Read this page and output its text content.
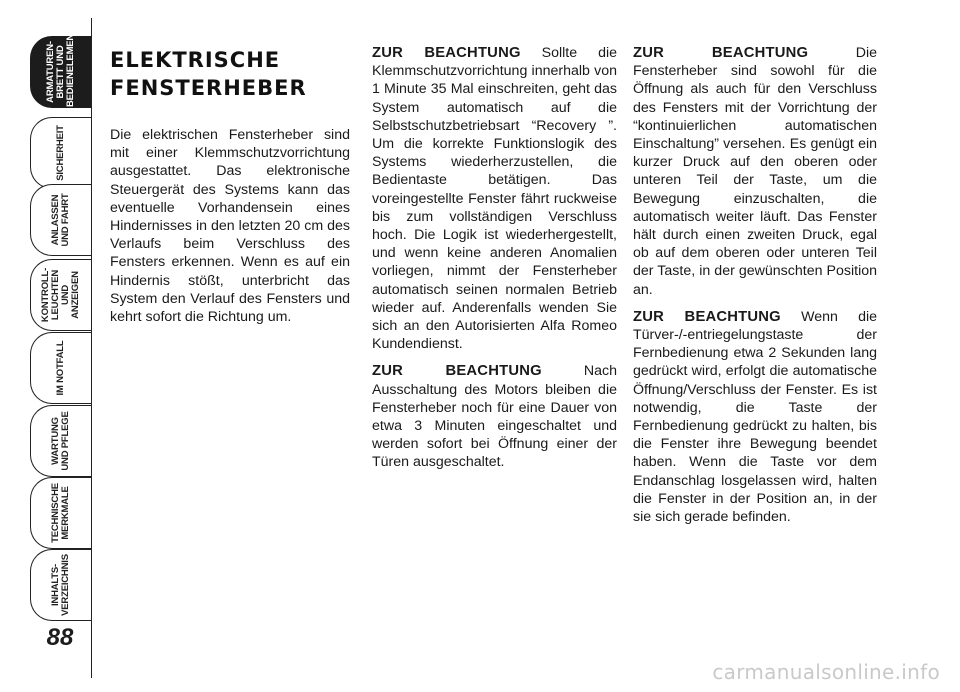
ARMATUREN-
BRETT UND
BEDIENELEMENTE
SICHERHEIT
ANLASSEN
UND FAHRT
KONTROLL-
LEUCHTEN
UND ANZEIGEN
IM NOTFALL
WARTUNG
UND PFLEGE
TECHNISCHE
MERKMALE
INHALTS-
VERZEICHNIS
88
ELEKTRISCHE
FENSTERHEBER

Die elektrischen Fensterheber sind mit einer Klemmschutzvorrichtung ausgestattet. Das elektronische Steuergerät des Systems kann das eventuelle Vorhandensein eines Hindernisses in den letzten 20 cm des Verlaufs beim Verschluss des Fensters erkennen. Wenn es auf ein Hindernis stößt, unterbricht das System den Verlauf des Fensters und kehrt sofort die Richtung um.

ZUR BEACHTUNG Sollte die Klemmschutzvorrichtung innerhalb von 1 Minute 35 Mal einschreiten, geht das System automatisch auf die Selbstschutzbetriebsart “Recovery ”. Um die korrekte Funktionslogik des Systems wiederherzustellen, die Bedientaste betätigen. Das voreingestellte Fenster fährt ruckweise bis zum vollständigen Verschluss hoch. Die Logik ist wiederhergestellt, und wenn keine anderen Anomalien vorliegen, nimmt der Fensterheber automatisch seinen normalen Betrieb wieder auf. Anderenfalls wenden Sie sich an den Autorisierten Alfa Romeo Kundendienst.

ZUR BEACHTUNG Nach Ausschaltung des Motors bleiben die Fensterheber noch für eine Dauer von etwa 3 Minuten eingeschaltet und werden sofort bei Öffnung einer der Türen ausgeschaltet.

ZUR BEACHTUNG Die Fensterheber sind sowohl für die Öffnung als auch für den Verschluss des Fensters mit der Vorrichtung der “kontinuierlichen automatischen Einschaltung” versehen. Es genügt ein kurzer Druck auf den oberen oder unteren Teil der Taste, um die Bewegung einzuschalten, die automatisch weiter läuft. Das Fenster hält durch einen zweiten Druck, egal ob auf dem oberen oder unteren Teil der Taste, in der gewünschten Position an.

ZUR BEACHTUNG Wenn die Türver-/-entriegelungstaste der Fernbedienung etwa 2 Sekunden lang gedrückt wird, erfolgt die automatische Öffnung/Verschluss der Fenster. Es ist notwendig, die Taste der Fernbedienung gedrückt zu halten, bis die Fenster ihre Bewegung beendet haben. Wenn die Taste vor dem Endanschlag losgelassen wird, halten die Fenster in der Position an, in der sie sich gerade befinden.

carmanualsonline.info
